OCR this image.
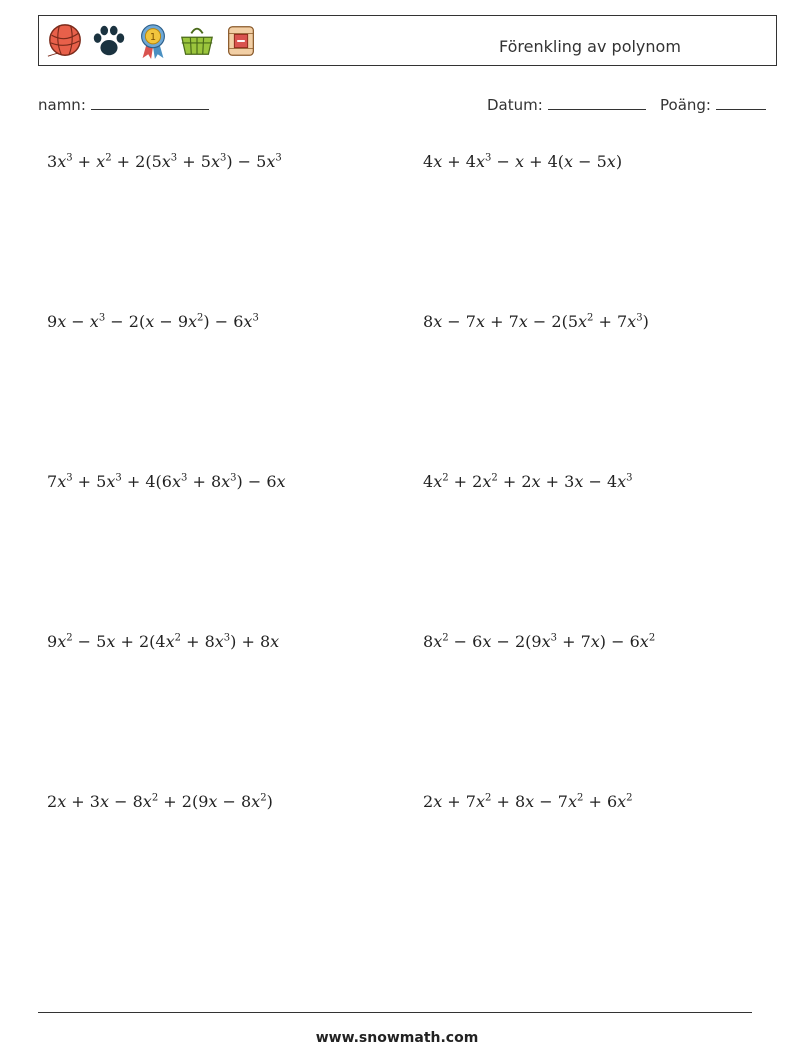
1	Förenkling av polynom
namn:	Datum:	Poäng:
$3x^3 + x^2 + 2(5x^3 + 5x^3) - 5x^3$	$4x + 4x^3 - x + 4(x - 5x)$
$9x - x^3 - 2(x - 9x^2) - 6x^3$	$8x - 7x + 7x - 2(5x^2 + 7x^3)$
$7x^3 + 5x^3 + 4(6x^3 + 8x^3) - 6x$	$4x^2 + 2x^2 + 2x + 3x - 4x^3$
$9x^2 - 5x + 2(4x^2 + 8x^3) + 8x$	$8x^2 - 6x - 2(9x^3 + 7x) - 6x^2$
$2x + 3x - 8x^2 + 2(9x - 8x^2)$	$2x + 7x^2 + 8x - 7x^2 + 6x^2$
www.snowmath.com
